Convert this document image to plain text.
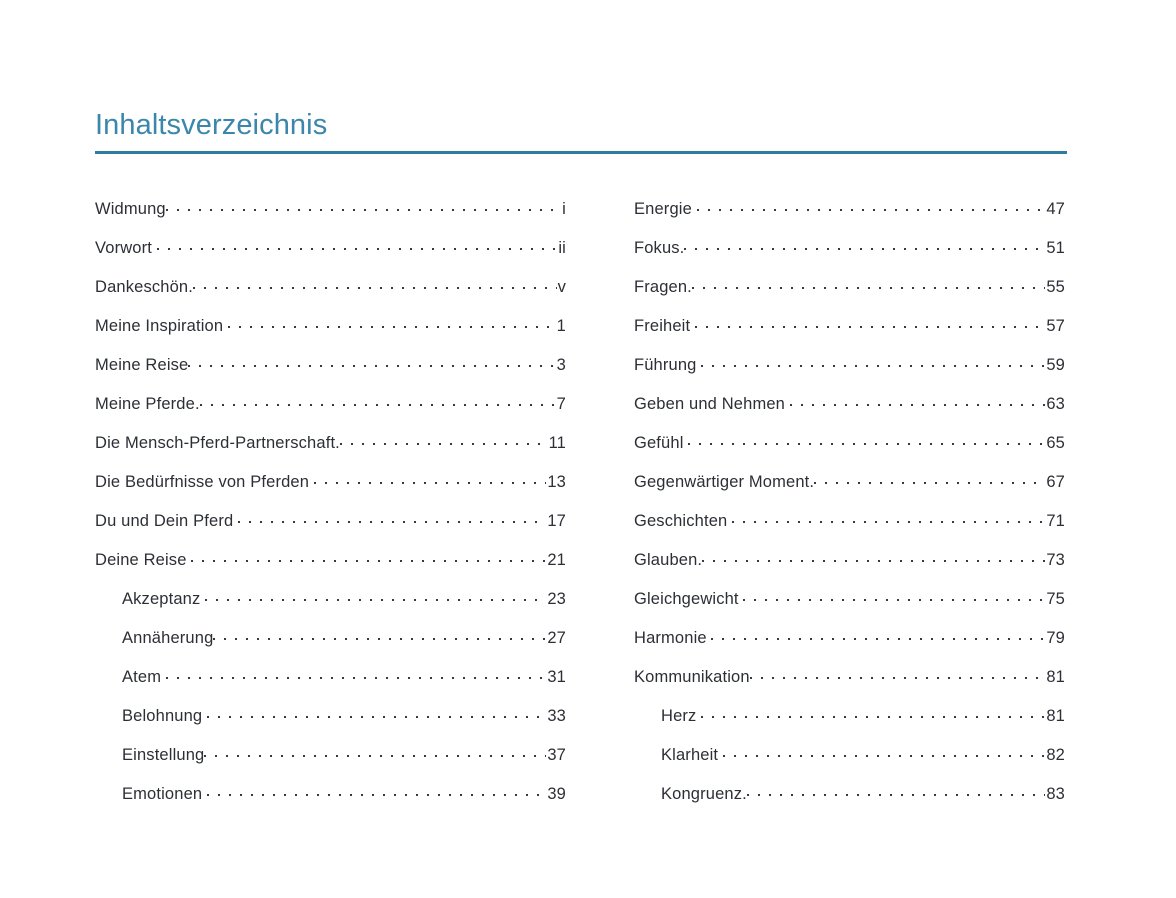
Inhaltsverzeichnis
Widmung	i
Vorwort	ii
Dankeschön.	v
Meine Inspiration	1
Meine Reise	3
Meine Pferde.	7
Die Mensch-Pferd-Partnerschaft.	11
Die Bedürfnisse von Pferden	13
Du und Dein Pferd	17
Deine Reise	21
Akzeptanz	23
Annäherung	27
Atem	31
Belohnung	33
Einstellung	37
Emotionen	39
Energie	47
Fokus.	51
Fragen.	55
Freiheit	57
Führung	59
Geben und Nehmen	63
Gefühl	65
Gegenwärtiger Moment.	67
Geschichten	71
Glauben.	73
Gleichgewicht	75
Harmonie	79
Kommunikation	81
Herz	81
Klarheit	82
Kongruenz.	83
